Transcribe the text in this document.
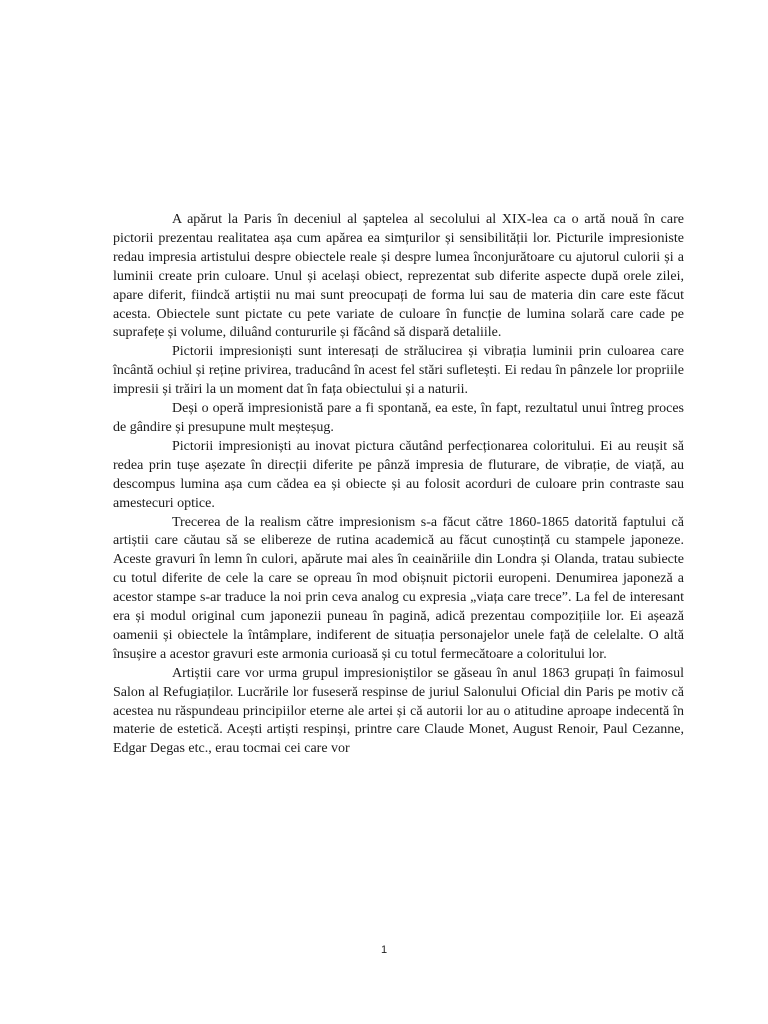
A apărut la Paris în deceniul al șaptelea al secolului al XIX-lea ca o artă nouă în care pictorii prezentau realitatea așa cum apărea ea simțurilor și sensibilității lor. Picturile impresioniste redau impresia artistului despre obiectele reale și despre lumea înconjurătoare cu ajutorul culorii și a luminii create prin culoare. Unul și același obiect, reprezentat sub diferite aspecte după orele zilei, apare diferit, fiindcă artiștii nu mai sunt preocupați de forma lui sau de materia din care este făcut acesta. Obiectele sunt pictate cu pete variate de culoare în funcție de lumina solară care cade pe suprafețe și volume, diluând contururile și făcând să dispară detaliile.

Pictorii impresioniști sunt interesați de strălucirea și vibrația luminii prin culoarea care încântă ochiul și reține privirea, traducând în acest fel stări sufletești. Ei redau în pânzele lor propriile impresii și trăiri la un moment dat în fața obiectului și a naturii.

Deși o operă impresionistă pare a fi spontană, ea este, în fapt, rezultatul unui întreg proces de gândire și presupune mult meșteșug.

Pictorii impresioniști au inovat pictura căutând perfecționarea coloritului. Ei au reușit să redea prin tușe așezate în direcții diferite pe pânză impresia de fluturare, de vibrație, de viață, au descompus lumina așa cum cădea ea și obiecte și au folosit acorduri de culoare prin contraste sau amestecuri optice.

Trecerea de la realism către impresionism s-a făcut către 1860-1865 datorită faptului că artiștii care căutau să se elibereze de rutina academică au făcut cunoștință cu stampele japoneze. Aceste gravuri în lemn în culori, apărute mai ales în ceainăriile din Londra și Olanda, tratau subiecte cu totul diferite de cele la care se opreau în mod obișnuit pictorii europeni. Denumirea japoneză a acestor stampe s-ar traduce la noi prin ceva analog cu expresia „viața care trece”. La fel de interesant era și modul original cum japonezii puneau în pagină, adică prezentau compozițiile lor. Ei așează oamenii și obiectele la întâmplare, indiferent de situația personajelor unele față de celelalte. O altă însușire a acestor gravuri este armonia curioasă și cu totul fermecătoare a coloritului lor.

Artiștii care vor urma grupul impresioniștilor se găseau în anul 1863 grupați în faimosul Salon al Refugiaților. Lucrările lor fuseseră respinse de juriul Salonului Oficial din Paris pe motiv că acestea nu răspundeau principiilor eterne ale artei și că autorii lor au o atitudine aproape indecentă în materie de estetică. Acești artiști respinși, printre care Claude Monet, August Renoir, Paul Cezanne, Edgar Degas etc., erau tocmai cei care vor

1
